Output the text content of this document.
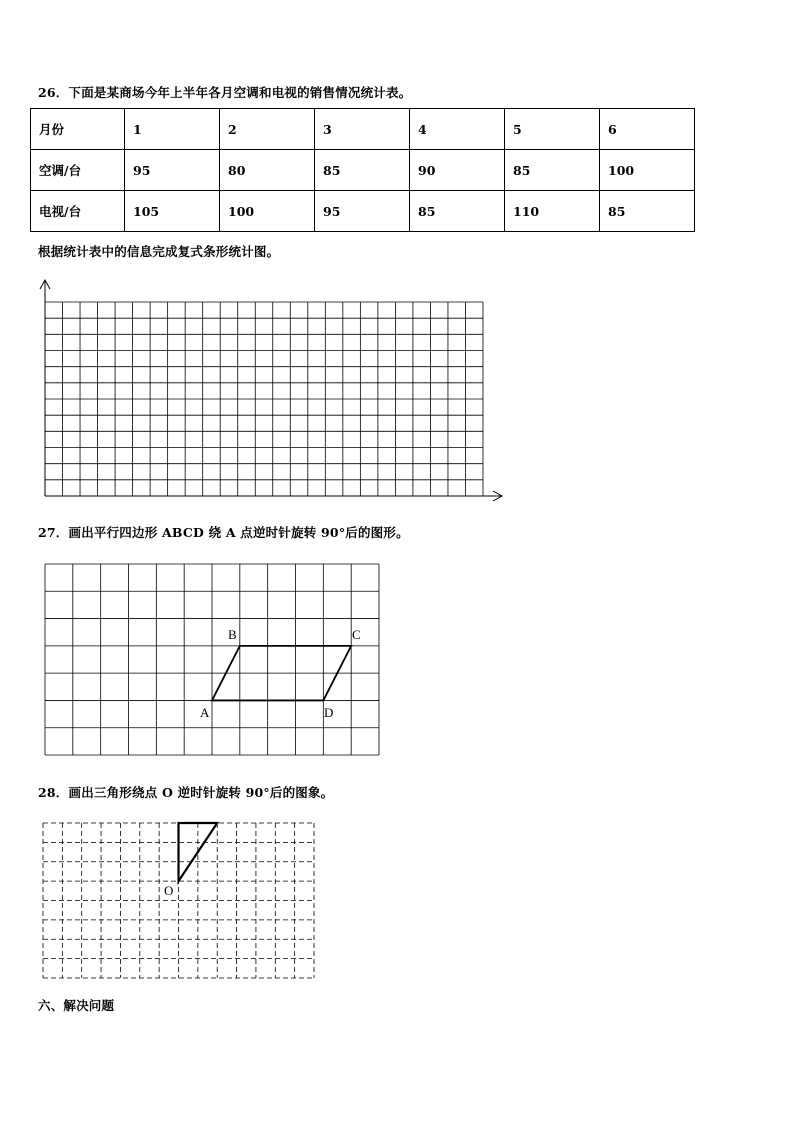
26．下面是某商场今年上半年各月空调和电视的销售情况统计表。
月份	1	2	3	4	5	6
空调/台	95	80	85	90	85	100
电视/台	105	100	95	85	110	85
根据统计表中的信息完成复式条形统计图。
27．画出平行四边形 ABCD 绕 A 点逆时针旋转 90°后的图形。
B	C
A	D
28．画出三角形绕点 O 逆时针旋转 90°后的图象。
O
六、解决问题
